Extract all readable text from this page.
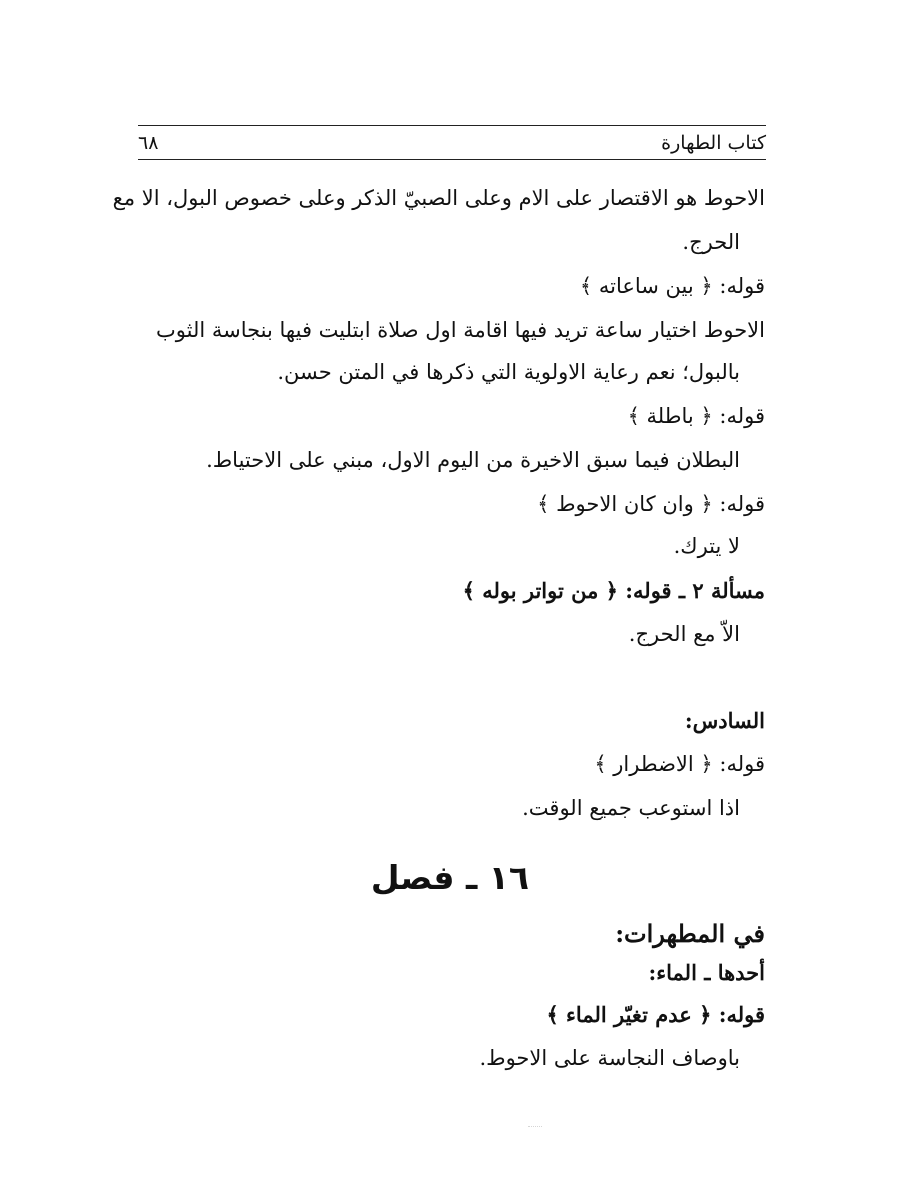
كتاب الطهارة
٦٨
الاحوط هو الاقتصار على الام وعلى الصبيّ الذكر وعلى خصوص البول، الا مع
الحرج.
قوله: ﴿ بين ساعاته ﴾
الاحوط اختيار ساعة تريد فيها اقامة اول صلاة ابتليت فيها بنجاسة الثوب
بالبول؛ نعم رعاية الاولوية التي ذكرها في المتن حسن.
قوله: ﴿ باطلة ﴾
البطلان فيما سبق الاخيرة من اليوم الاول، مبني على الاحتياط.
قوله: ﴿ وان كان الاحوط ﴾
لا يترك.
مسألة ٢ ـ قوله: ﴿ من تواتر بوله ﴾
الاّ مع الحرج.
السادس:
قوله: ﴿ الاضطرار ﴾
اذا استوعب جميع الوقت.
١٦ ـ فصل
في المطهرات:
أحدها ـ الماء:
قوله: ﴿ عدم تغيّر الماء ﴾
باوصاف النجاسة على الاحوط.
